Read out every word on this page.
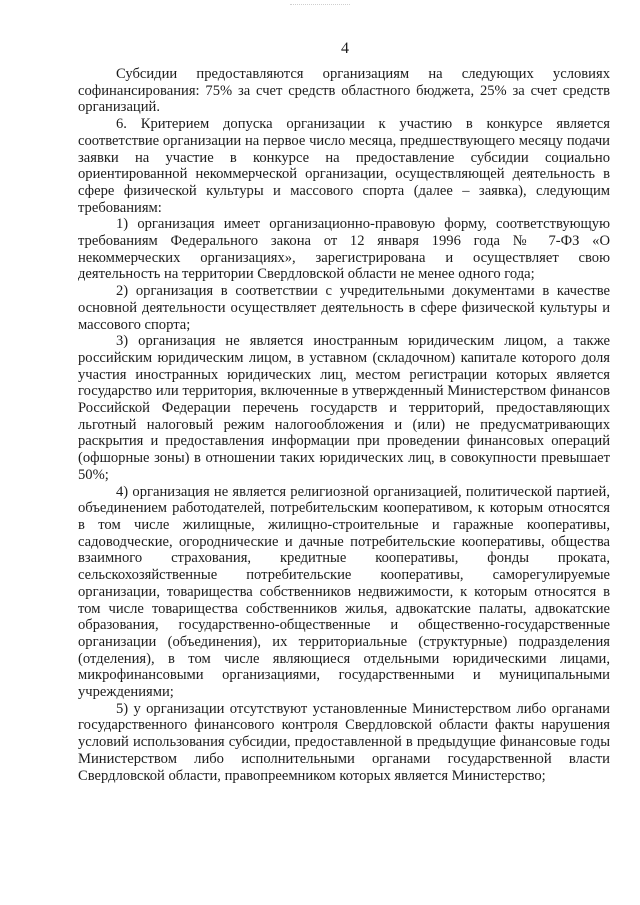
4

Субсидии предоставляются организациям на следующих условиях софинансирования: 75% за счет средств областного бюджета, 25% за счет средств организаций.

6. Критерием допуска организации к участию в конкурсе является соответствие организации на первое число месяца, предшествующего месяцу подачи заявки на участие в конкурсе на предоставление субсидии социально ориентированной некоммерческой организации, осуществляющей деятельность в сфере физической культуры и массового спорта (далее – заявка), следующим требованиям:

1) организация имеет организационно-правовую форму, соответствующую требованиям Федерального закона от 12 января 1996 года № 7-ФЗ «О некоммерческих организациях», зарегистрирована и осуществляет свою деятельность на территории Свердловской области не менее одного года;

2) организация в соответствии с учредительными документами в качестве основной деятельности осуществляет деятельность в сфере физической культуры и массового спорта;

3) организация не является иностранным юридическим лицом, а также российским юридическим лицом, в уставном (складочном) капитале которого доля участия иностранных юридических лиц, местом регистрации которых является государство или территория, включенные в утвержденный Министерством финансов Российской Федерации перечень государств и территорий, предоставляющих льготный налоговый режим налогообложения и (или) не предусматривающих раскрытия и предоставления информации при проведении финансовых операций (офшорные зоны) в отношении таких юридических лиц, в совокупности превышает 50%;

4) организация не является религиозной организацией, политической партией, объединением работодателей, потребительским кооперативом, к которым относятся в том числе жилищные, жилищно-строительные и гаражные кооперативы, садоводческие, огороднические и дачные потребительские кооперативы, общества взаимного страхования, кредитные кооперативы, фонды проката, сельскохозяйственные потребительские кооперативы, саморегулируемые организации, товарищества собственников недвижимости, к которым относятся в том числе товарищества собственников жилья, адвокатские палаты, адвокатские образования, государственно-общественные и общественно-государственные организации (объединения), их территориальные (структурные) подразделения (отделения), в том числе являющиеся отдельными юридическими лицами, микрофинансовыми организациями, государственными и муниципальными учреждениями;

5) у организации отсутствуют установленные Министерством либо органами государственного финансового контроля Свердловской области факты нарушения условий использования субсидии, предоставленной в предыдущие финансовые годы Министерством либо исполнительными органами государственной власти Свердловской области, правопреемником которых является Министерство;
